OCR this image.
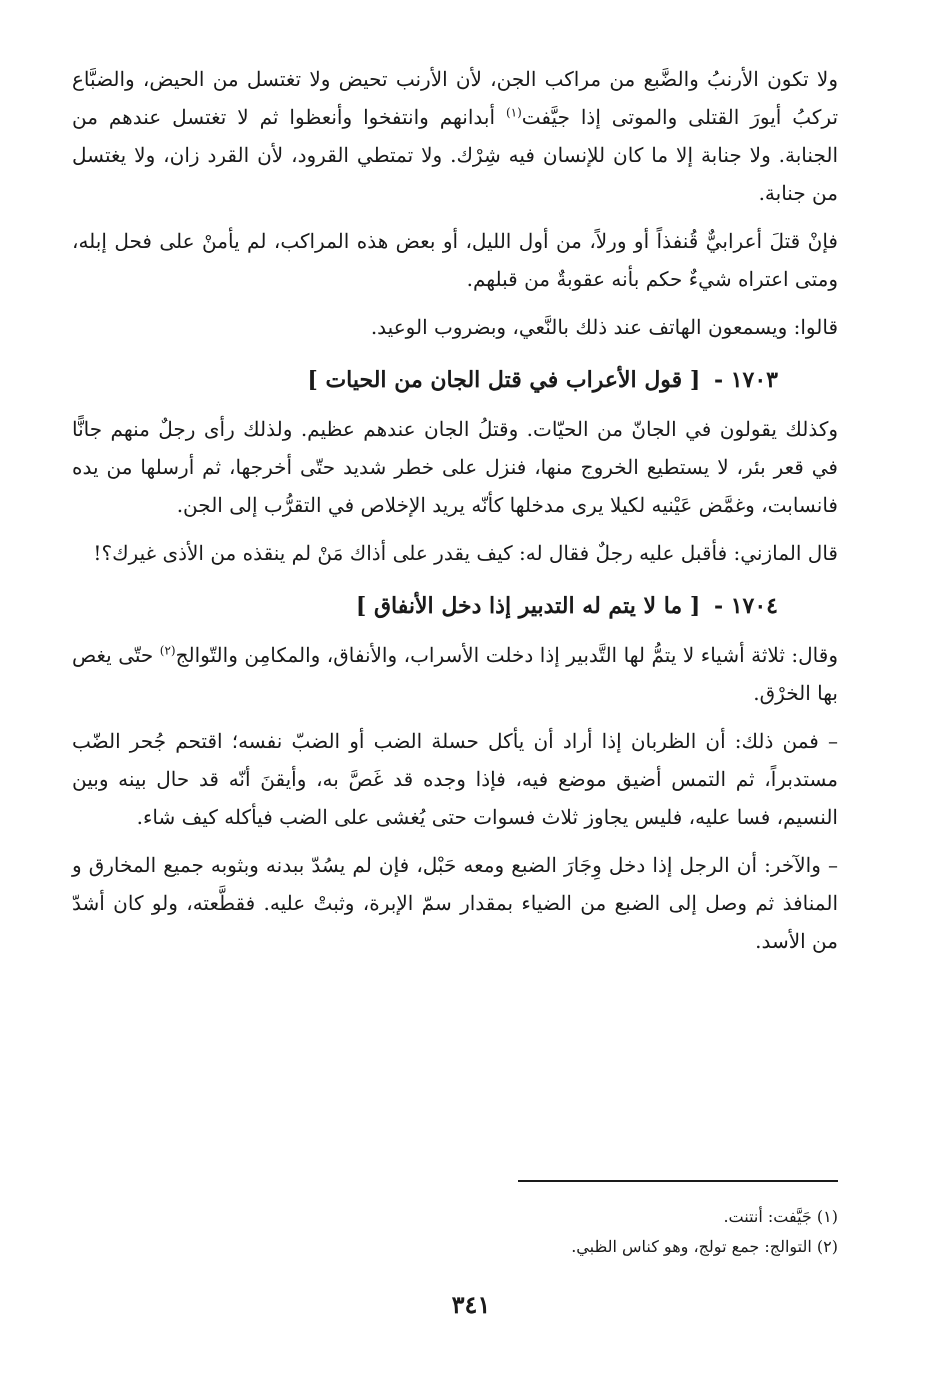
ولا تكون الأرنبُ والضَّبع من مراكب الجن، لأن الأرنب تحيض ولا تغتسل من الحيض، والضبَّاع تركبُ أيورَ القتلى والموتى إذا جيَّفت$^{(١)}$ أبدانهم وانتفخوا وأنعظوا ثم لا تغتسل عندهم من الجنابة. ولا جنابة إلا ما كان للإنسان فيه شِرْك. ولا تمتطي القرود، لأن القرد زان، ولا يغتسل من جنابة.

فإنْ قتلَ أعرابيٌّ قُنفذاً أو ورلاً، من أول الليل، أو بعض هذه المراكب، لم يأمنْ على فحل إبله، ومتى اعتراه شيءٌ حكم بأنه عقوبةٌ من قبلهم.

قالوا: ويسمعون الهاتف عند ذلك بالنَّعي، وبضروب الوعيد.

١٧٠٣ - [ قول الأعراب في قتل الجان من الحيات ]

وكذلك يقولون في الجانّ من الحيّات. وقتلُ الجان عندهم عظيم. ولذلك رأى رجلٌ منهم جانًّا في قعر بئر، لا يستطيع الخروج منها، فنزل على خطر شديد حتّى أخرجها، ثم أرسلها من يده فانسابت، وغمَّض عَيْنيه لكيلا يرى مدخلها كأنّه يريد الإخلاص في التقرُّب إلى الجن.

قال المازني: فأقبل عليه رجلٌ فقال له: كيف يقدر على أذاك مَنْ لم ينقذه من الأذى غيرك؟!

١٧٠٤ - [ ما لا يتم له التدبير إذا دخل الأنفاق ]

وقال: ثلاثة أشياء لا يتمُّ لها التَّدبير إذا دخلت الأسراب، والأنفاق، والمكامِن والتّوالج$^{(٢)}$ حتّى يغص بها الخرْق.

– فمن ذلك: أن الظربان إذا أراد أن يأكل حسلة الضب أو الضبّ نفسه؛ اقتحم جُحر الضّب مستدبراً، ثم التمس أضيق موضع فيه، فإذا وجده قد غَصَّ به، وأيقنَ أنّه قد حال بينه وبين النسيم، فسا عليه، فليس يجاوز ثلاث فسوات حتى يُغشى على الضب فيأكله كيف شاء.

– والآخر: أن الرجل إذا دخل وِجَارَ الضبع ومعه حَبْل، فإن لم يسُدّ ببدنه وبثوبه جميع المخارق و المنافذ ثم وصل إلى الضبع من الضياء بمقدار سمّ الإبرة، وثبتْ عليه. فقطَّعته، ولو كان أشدّ من الأسد.

(١) جَيَّفت: أنتنت.

(٢) التوالج: جمع تولج، وهو كناس الظبي.

٣٤١
